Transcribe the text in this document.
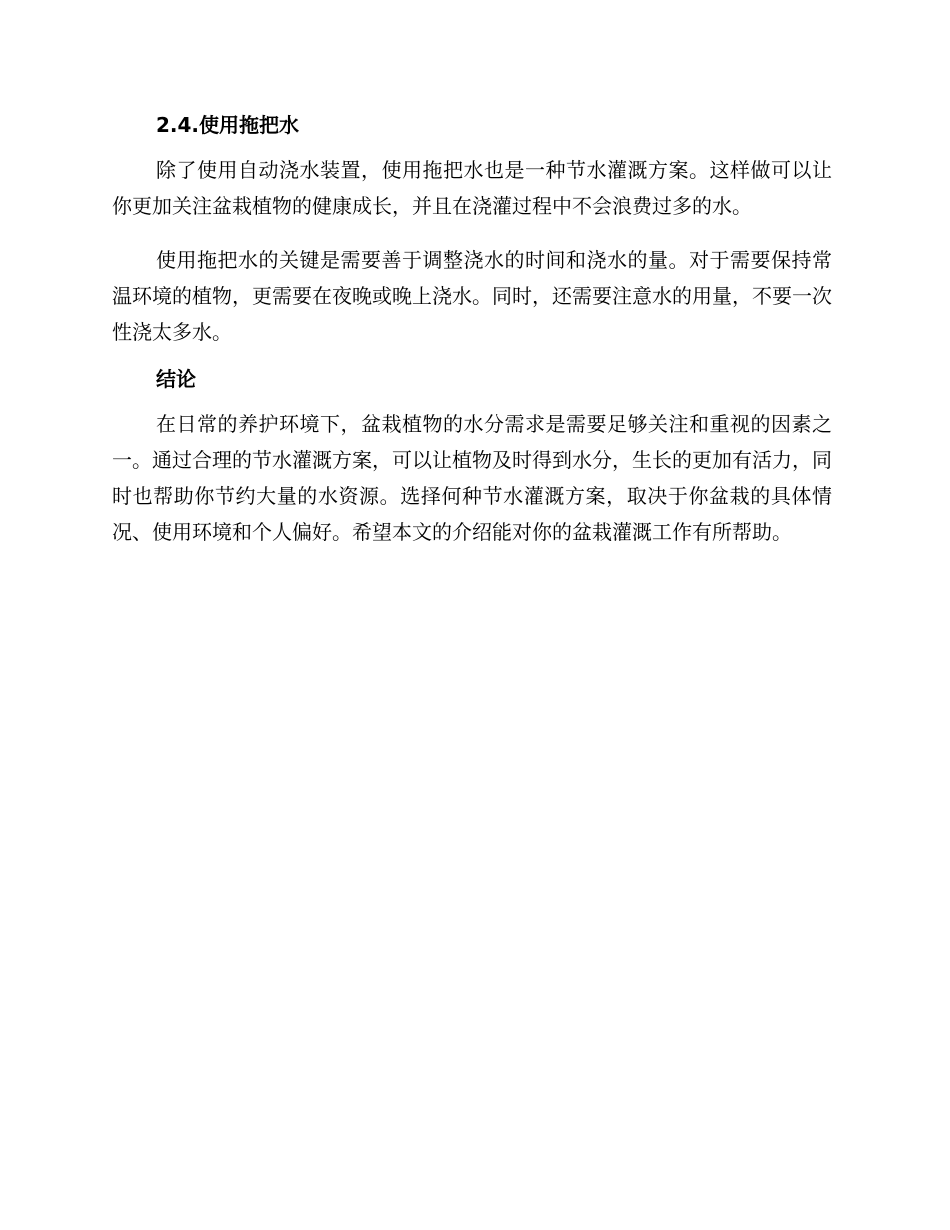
2.4.使用拖把水

除了使用自动浇水装置，使用拖把水也是一种节水灌溉方案。这样做可以让你更加关注盆栽植物的健康成长，并且在浇灌过程中不会浪费过多的水。

使用拖把水的关键是需要善于调整浇水的时间和浇水的量。对于需要保持常温环境的植物，更需要在夜晚或晚上浇水。同时，还需要注意水的用量，不要一次性浇太多水。

结论

在日常的养护环境下，盆栽植物的水分需求是需要足够关注和重视的因素之一。通过合理的节水灌溉方案，可以让植物及时得到水分，生长的更加有活力，同时也帮助你节约大量的水资源。选择何种节水灌溉方案，取决于你盆栽的具体情况、使用环境和个人偏好。希望本文的介绍能对你的盆栽灌溉工作有所帮助。
